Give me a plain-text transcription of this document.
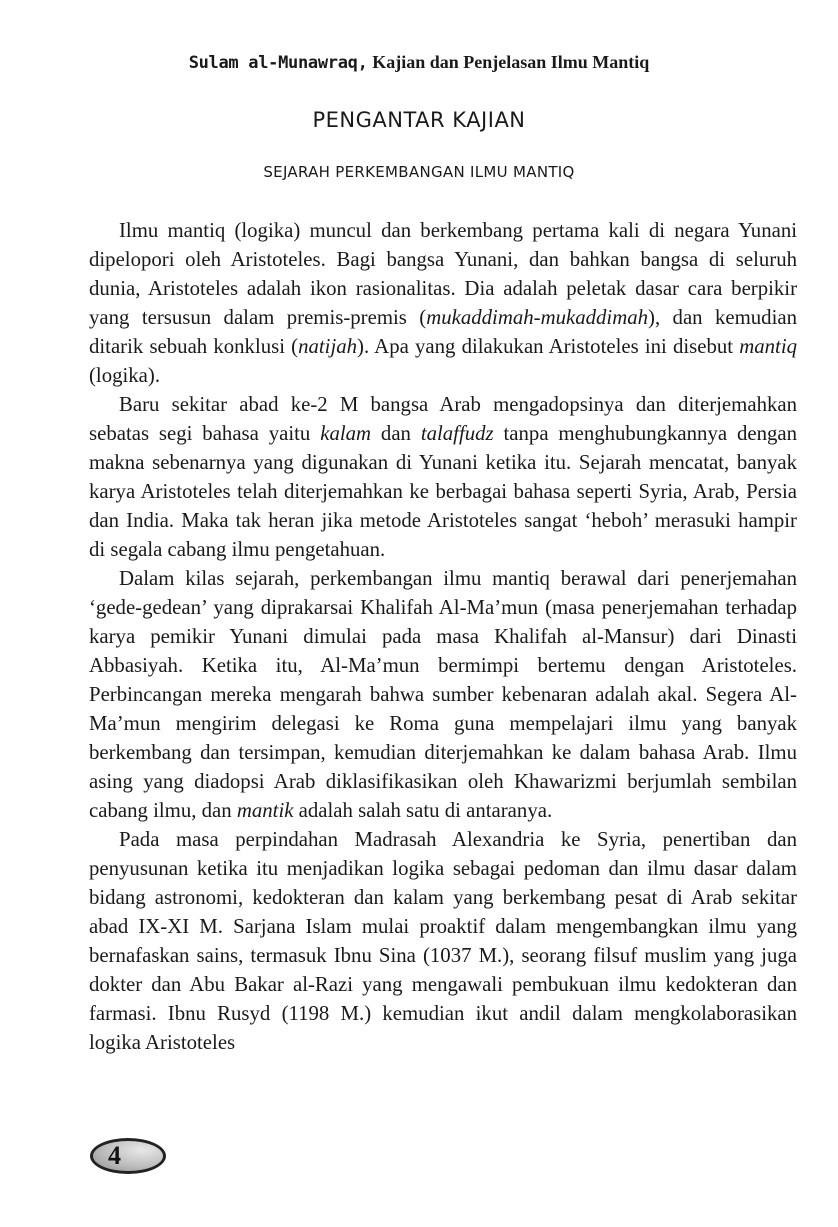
Sulam al-Munawraq, Kajian dan Penjelasan Ilmu Mantiq
PENGANTAR KAJIAN
SEJARAH PERKEMBANGAN ILMU MANTIQ

Ilmu mantiq (logika) muncul dan berkembang pertama kali di negara Yunani dipelopori oleh Aristoteles. Bagi bangsa Yunani, dan bahkan bangsa di seluruh dunia, Aristoteles adalah ikon rasionalitas. Dia adalah peletak dasar cara berpikir yang tersusun dalam premis-premis (mukaddimah-mukaddimah), dan kemudian ditarik sebuah konklusi (natijah). Apa yang dilakukan Aristoteles ini disebut mantiq (logika).

Baru sekitar abad ke-2 M bangsa Arab mengadopsinya dan diterjemahkan sebatas segi bahasa yaitu kalam dan talaffudz tanpa menghubungkannya dengan makna sebenarnya yang digunakan di Yunani ketika itu. Sejarah mencatat, banyak karya Aristoteles telah diterjemahkan ke berbagai bahasa seperti Syria, Arab, Persia dan India. Maka tak heran jika metode Aristoteles sangat ‘heboh’ merasuki hampir di segala cabang ilmu pengetahuan.

Dalam kilas sejarah, perkembangan ilmu mantiq berawal dari penerjemahan ‘gede-gedean’ yang diprakarsai Khalifah Al-Ma’mun (masa penerjemahan terhadap karya pemikir Yunani dimulai pada masa Khalifah al-Mansur) dari Dinasti Abbasiyah. Ketika itu, Al-Ma’mun bermimpi bertemu dengan Aristoteles. Perbincangan mereka mengarah bahwa sumber kebenaran adalah akal. Segera Al-Ma’mun mengirim delegasi ke Roma guna mempelajari ilmu yang banyak berkembang dan tersimpan, kemudian diterjemahkan ke dalam bahasa Arab. Ilmu asing yang diadopsi Arab diklasifikasikan oleh Khawarizmi berjumlah sembilan cabang ilmu, dan mantik adalah salah satu di antaranya.

Pada masa perpindahan Madrasah Alexandria ke Syria, penertiban dan penyusunan ketika itu menjadikan logika sebagai pedoman dan ilmu dasar dalam bidang astronomi, kedokteran dan kalam yang berkembang pesat di Arab sekitar abad IX-XI M. Sarjana Islam mulai proaktif dalam mengembangkan ilmu yang bernafaskan sains, termasuk Ibnu Sina (1037 M.), seorang filsuf muslim yang juga dokter dan Abu Bakar al-Razi yang mengawali pembukuan ilmu kedokteran dan farmasi. Ibnu Rusyd (1198 M.) kemudian ikut andil dalam mengkolaborasikan logika Aristoteles

4
